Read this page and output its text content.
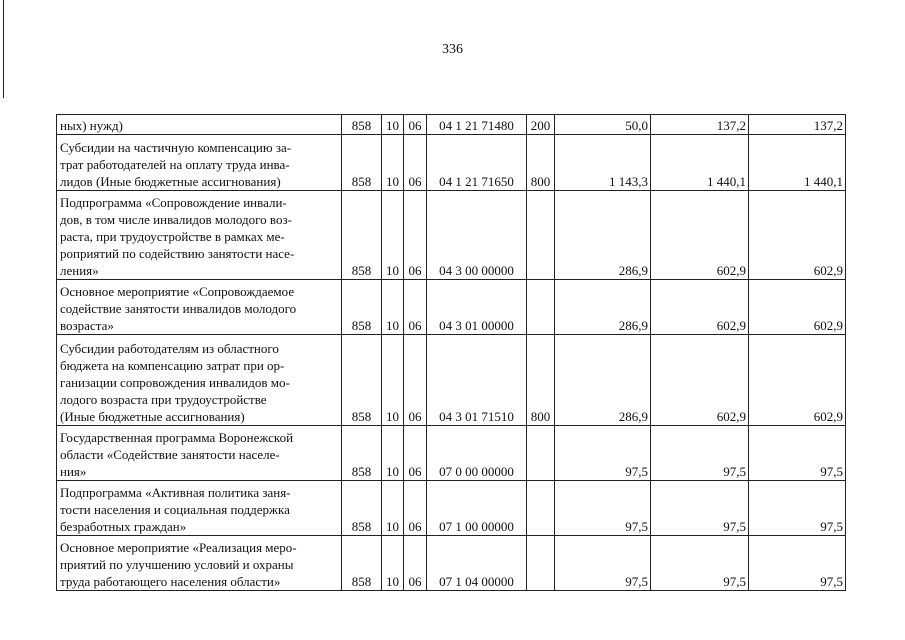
336
ных) нужд)	858	10	06	04 1 21 71480	200	50,0	137,2	137,2
Субсидии на частичную компенсацию за-
трат работодателей на оплату труда инва-
лидов (Иные бюджетные ассигнования)	858	10	06	04 1 21 71650	800	1 143,3	1 440,1	1 440,1
Подпрограмма «Сопровождение инвали-
дов, в том числе инвалидов молодого воз-
раста, при трудоустройстве в рамках ме-
роприятий по содействию занятости насе-
ления»	858	10	06	04 3 00 00000		286,9	602,9	602,9
Основное мероприятие «Сопровождаемое
содействие занятости инвалидов молодого
возраста»	858	10	06	04 3 01 00000		286,9	602,9	602,9
Субсидии работодателям из областного
бюджета на компенсацию затрат при ор-
ганизации сопровождения инвалидов мо-
лодого возраста при трудоустройстве
(Иные бюджетные ассигнования)	858	10	06	04 3 01 71510	800	286,9	602,9	602,9
Государственная программа Воронежской
области «Содействие занятости населе-
ния»	858	10	06	07 0 00 00000		97,5	97,5	97,5
Подпрограмма «Активная политика заня-
тости населения и социальная поддержка
безработных граждан»	858	10	06	07 1 00 00000		97,5	97,5	97,5
Основное мероприятие «Реализация меро-
приятий по улучшению условий и охраны
труда работающего населения области»	858	10	06	07 1 04 00000		97,5	97,5	97,5
